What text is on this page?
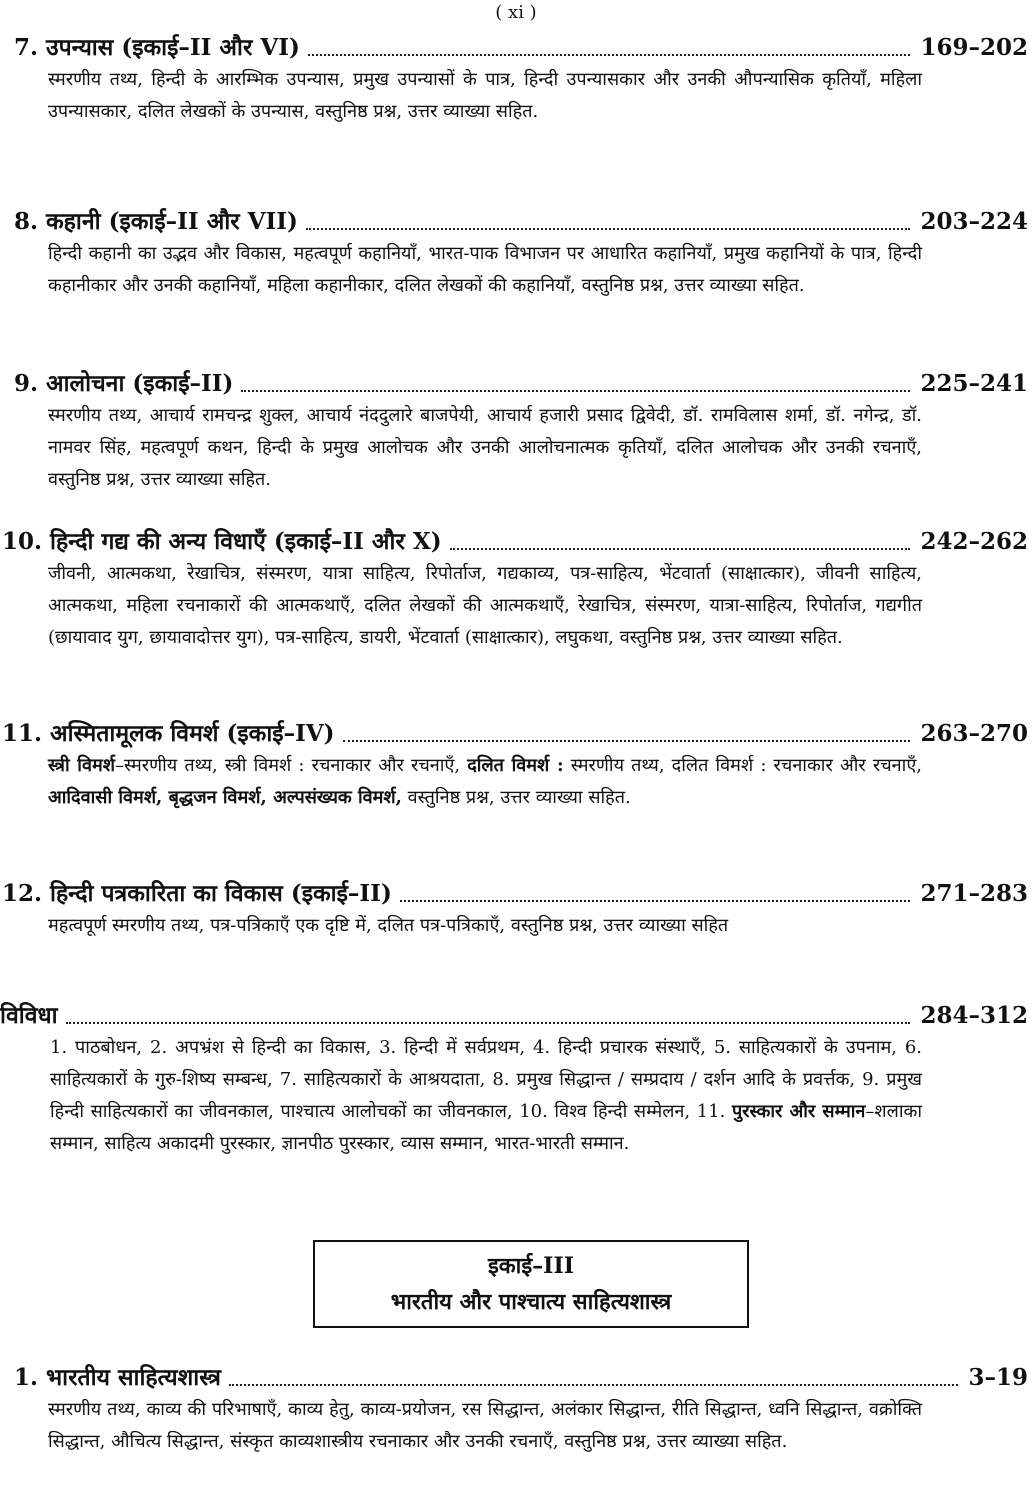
( xi )
7. उपन्यास (इकाई–II और VI)	169–202

स्मरणीय तथ्य, हिन्दी के आरम्भिक उपन्यास, प्रमुख उपन्यासों के पात्र, हिन्दी उपन्यासकार और उनकी औपन्यासिक कृतियाँ, महिला उपन्यासकार, दलित लेखकों के उपन्यास, वस्तुनिष्ठ प्रश्न, उत्तर व्याख्या सहित.

8. कहानी (इकाई–II और VII)	203–224

हिन्दी कहानी का उद्भव और विकास, महत्वपूर्ण कहानियाँ, भारत-पाक विभाजन पर आधारित कहानियाँ, प्रमुख कहानियों के पात्र, हिन्दी कहानीकार और उनकी कहानियाँ, महिला कहानीकार, दलित लेखकों की कहानियाँ, वस्तुनिष्ठ प्रश्न, उत्तर व्याख्या सहित.

9. आलोचना (इकाई–II)	225–241

स्मरणीय तथ्य, आचार्य रामचन्द्र शुक्ल, आचार्य नंददुलारे बाजपेयी, आचार्य हजारी प्रसाद द्विवेदी, डॉ. रामविलास शर्मा, डॉ. नगेन्द्र, डॉ. नामवर सिंह, महत्वपूर्ण कथन, हिन्दी के प्रमुख आलोचक और उनकी आलोचनात्मक कृतियाँ, दलित आलोचक और उनकी रचनाएँ, वस्तुनिष्ठ प्रश्न, उत्तर व्याख्या सहित.

10. हिन्दी गद्य की अन्य विधाएँ (इकाई–II और X)	242–262

जीवनी, आत्मकथा, रेखाचित्र, संस्मरण, यात्रा साहित्य, रिपोर्ताज, गद्यकाव्य, पत्र-साहित्य, भेंटवार्ता (साक्षात्कार), जीवनी साहित्य, आत्मकथा, महिला रचनाकारों की आत्मकथाएँ, दलित लेखकों की आत्मकथाएँ, रेखाचित्र, संस्मरण, यात्रा-साहित्य, रिपोर्ताज, गद्यगीत (छायावाद युग, छायावादोत्तर युग), पत्र-साहित्य, डायरी, भेंटवार्ता (साक्षात्कार), लघुकथा, वस्तुनिष्ठ प्रश्न, उत्तर व्याख्या सहित.

11. अस्मितामूलक विमर्श (इकाई–IV)	263–270

स्त्री विमर्श–स्मरणीय तथ्य, स्त्री विमर्श : रचनाकार और रचनाएँ, दलित विमर्श : स्मरणीय तथ्य, दलित विमर्श : रचनाकार और रचनाएँ, आदिवासी विमर्श, बृद्धजन विमर्श, अल्पसंख्यक विमर्श, वस्तुनिष्ठ प्रश्न, उत्तर व्याख्या सहित.

12. हिन्दी पत्रकारिता का विकास (इकाई–II)	271–283

महत्वपूर्ण स्मरणीय तथ्य, पत्र-पत्रिकाएँ एक दृष्टि में, दलित पत्र-पत्रिकाएँ, वस्तुनिष्ठ प्रश्न, उत्तर व्याख्या सहित

विविधा	284–312

1. पाठबोधन, 2. अपभ्रंश से हिन्दी का विकास, 3. हिन्दी में सर्वप्रथम, 4. हिन्दी प्रचारक संस्थाएँ, 5. साहित्यकारों के उपनाम, 6. साहित्यकारों के गुरु-शिष्य सम्बन्ध, 7. साहित्यकारों के आश्रयदाता, 8. प्रमुख सिद्धान्त / सम्प्रदाय / दर्शन आदि के प्रवर्त्तक, 9. प्रमुख हिन्दी साहित्यकारों का जीवनकाल, पाश्चात्य आलोचकों का जीवनकाल, 10. विश्व हिन्दी सम्मेलन, 11. पुरस्कार और सम्मान–शलाका सम्मान, साहित्य अकादमी पुरस्कार, ज्ञानपीठ पुरस्कार, व्यास सम्मान, भारत-भारती सम्मान.

इकाई–III
भारतीय और पाश्चात्य साहित्यशास्त्र
1. भारतीय साहित्यशास्त्र	3–19

स्मरणीय तथ्य, काव्य की परिभाषाएँ, काव्य हेतु, काव्य-प्रयोजन, रस सिद्धान्त, अलंकार सिद्धान्त, रीति सिद्धान्त, ध्वनि सिद्धान्त, वक्रोक्ति सिद्धान्त, औचित्य सिद्धान्त, संस्कृत काव्यशास्त्रीय रचनाकार और उनकी रचनाएँ, वस्तुनिष्ठ प्रश्न, उत्तर व्याख्या सहित.
